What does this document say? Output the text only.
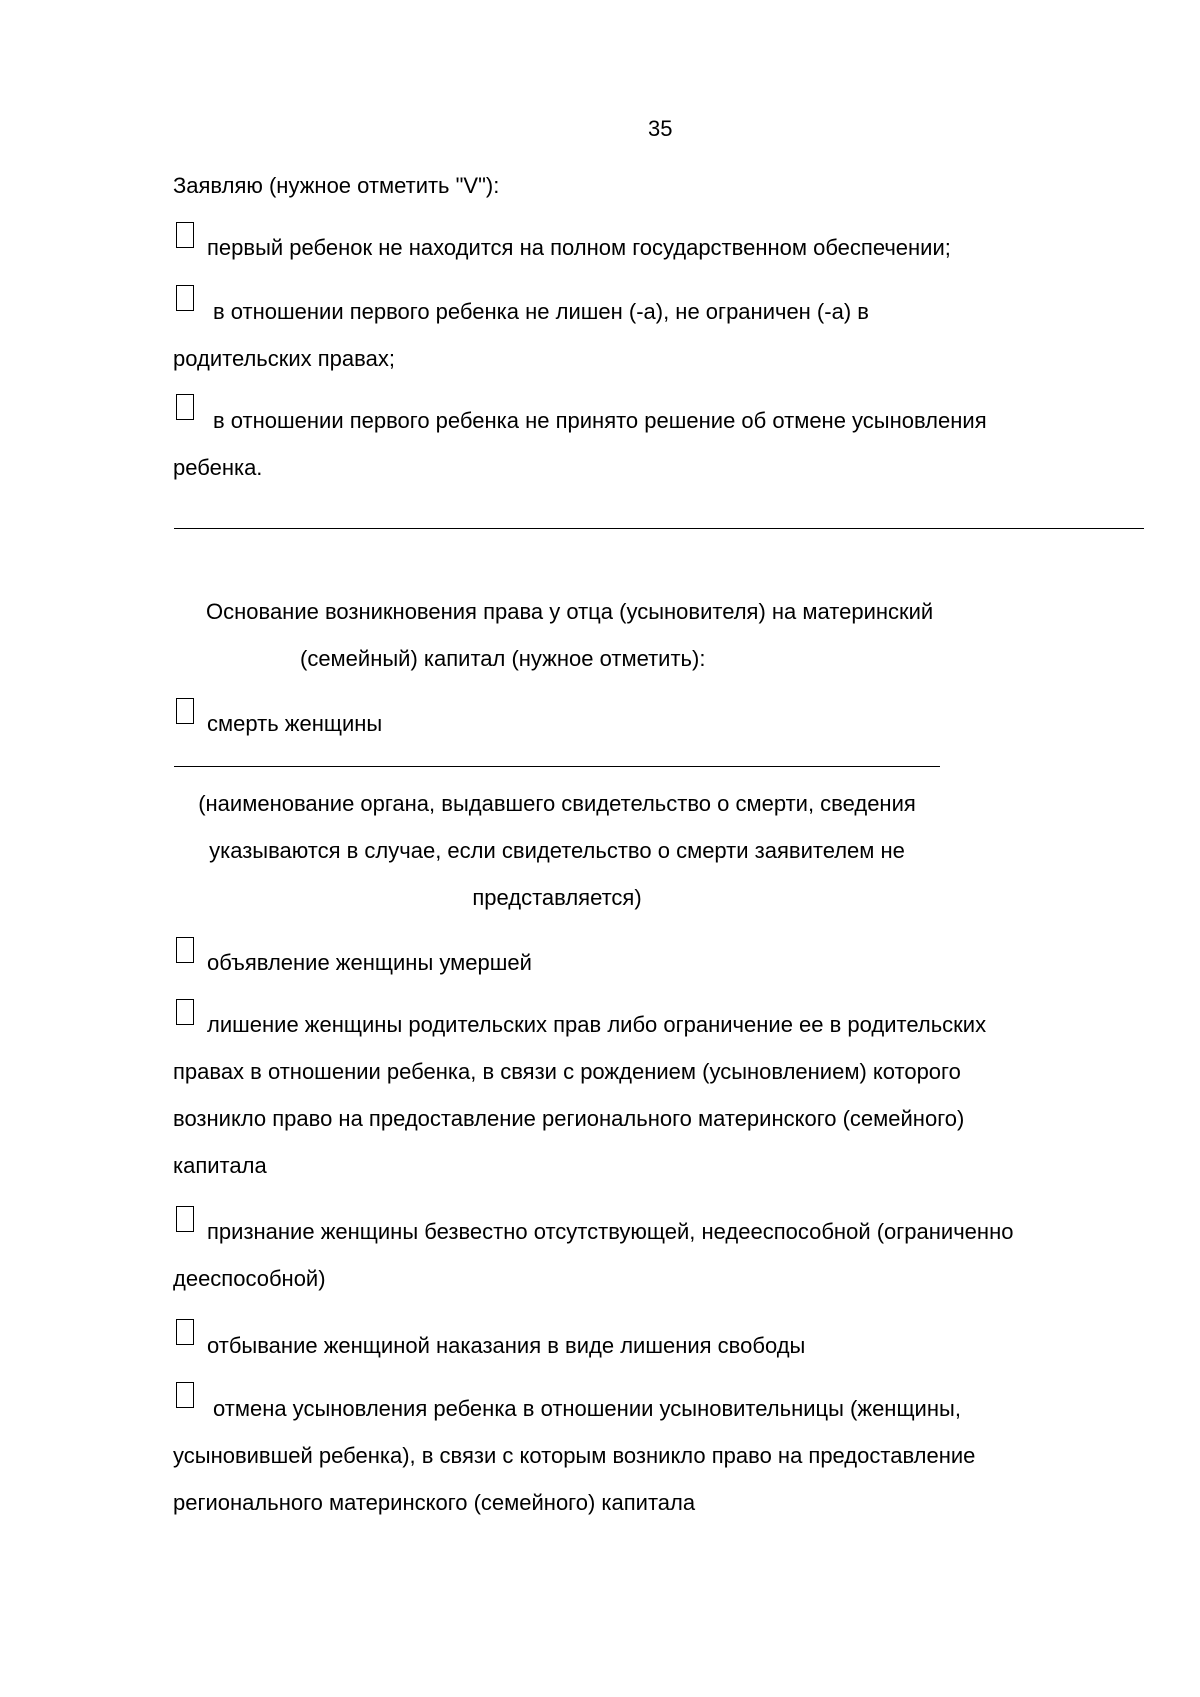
35
Заявляю (нужное отметить "V"):
первый ребенок не находится на полном государственном обеспечении;
в отношении первого ребенка не лишен (-а), не ограничен (-а) в
родительских правах;
в отношении первого ребенка не принято решение об отмене усыновления
ребенка.
Основание возникновения права у отца (усыновителя) на материнский
(семейный) капитал (нужное отметить):
смерть женщины
(наименование органа, выдавшего свидетельство о смерти, сведения
указываются в случае, если свидетельство о смерти заявителем не
представляется)
объявление женщины умершей
лишение женщины родительских прав либо ограничение ее в родительских
правах в отношении ребенка, в связи с рождением (усыновлением) которого
возникло право на предоставление регионального материнского (семейного)
капитала
признание женщины безвестно отсутствующей, недееспособной (ограниченно
дееспособной)
отбывание женщиной наказания в виде лишения свободы
отмена усыновления ребенка в отношении усыновительницы (женщины,
усыновившей ребенка), в связи с которым возникло право на предоставление
регионального материнского (семейного) капитала
